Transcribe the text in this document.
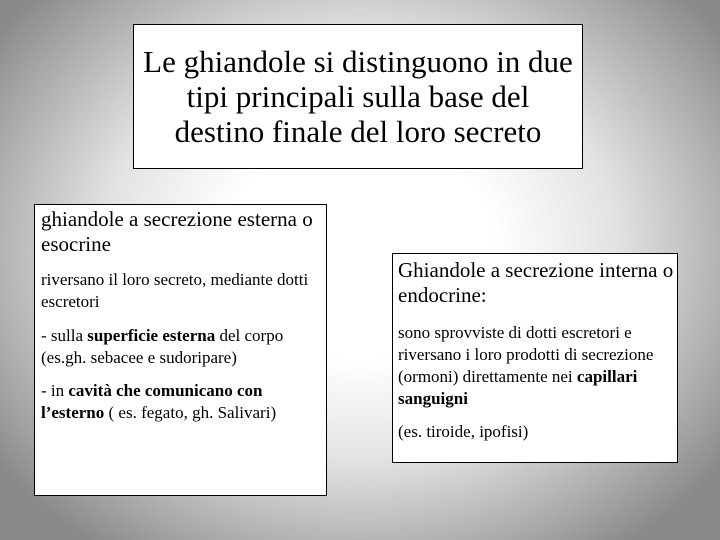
Le ghiandole si distinguono in due tipi principali sulla base del destino finale del loro secreto
ghiandole a secrezione esterna o esocrine
riversano il loro secreto, mediante dotti escretori
- sulla superficie esterna del corpo (es.gh. sebacee e sudoripare)
- in cavità che comunicano con l’esterno ( es. fegato, gh. Salivari)
Ghiandole a secrezione interna o endocrine:
sono sprovviste di dotti escretori e riversano i loro prodotti di secrezione (ormoni) direttamente nei capillari sanguigni
(es. tiroide, ipofisi)
